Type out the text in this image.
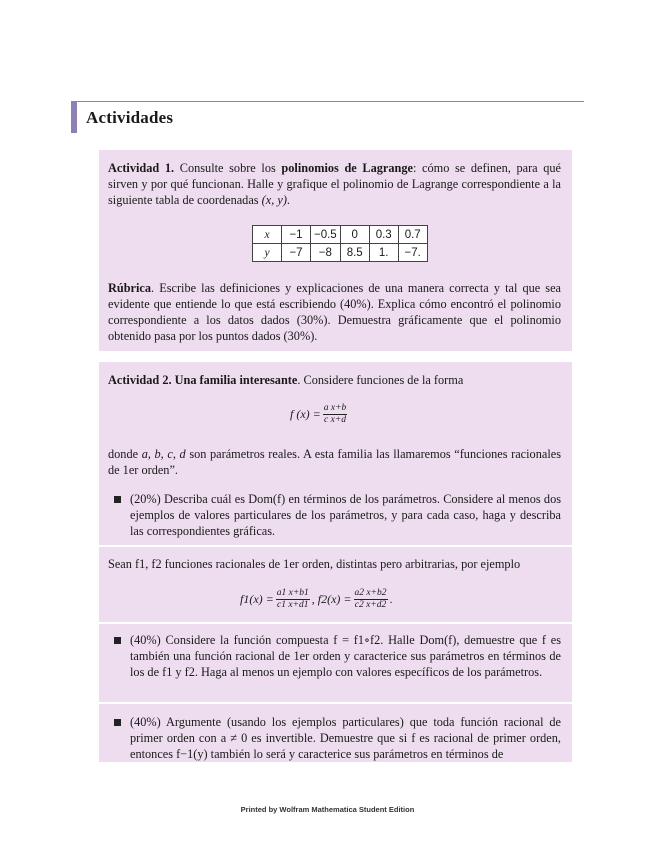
Actividades
Actividad 1. Consulte sobre los polinomios de Lagrange: cómo se definen, para qué sirven y por qué funcionan. Halle y grafique el polinomio de Lagrange correspondiente a la siguiente tabla de coordenadas (x, y).
x	−1	−0.5	0	0.3	0.7
y	−7	−8	8.5	1.	−7.
Rúbrica. Escribe las definiciones y explicaciones de una manera correcta y tal que sea evidente que entiende lo que está escribiendo (40%). Explica cómo encontró el polinomio correspondiente a los datos dados (30%). Demuestra gráficamente que el polinomio obtenido pasa por los puntos dados (30%).
Actividad 2. Una familia interesante. Considere funciones de la forma
f $(x) = \frac{\text{a x+b}}{\text{c x+d}}$
donde a, b, c, d son parámetros reales. A esta familia las llamaremos “funciones racionales de 1er orden”.
(20%) Describa cuál es Dom(f) en términos de los parámetros. Considere al menos dos ejemplos de valores particulares de los parámetros, y para cada caso, haga y describa las correspondientes gráficas.
Sean f1, f2 funciones racionales de 1er orden, distintas pero arbitrarias, por ejemplo
$f1(x) = \frac{a1 x+b1}{c1 x+d1}$ , $f2(x) = \frac{a2 x+b2}{c2 x+d2}$ .
(40%) Considere la función compuesta f = f1∘f2. Halle Dom(f), demuestre que f es también una función racional de 1er orden y caracterice sus parámetros en términos de los de f1 y f2. Haga al menos un ejemplo con valores específicos de los parámetros.
(40%) Argumente (usando los ejemplos particulares) que toda función racional de primer orden con a ≠ 0 es invertible. Demuestre que si f es racional de primer orden, entonces f−1(y) también lo será y caracterice sus parámetros en términos de
Printed by Wolfram Mathematica Student Edition
